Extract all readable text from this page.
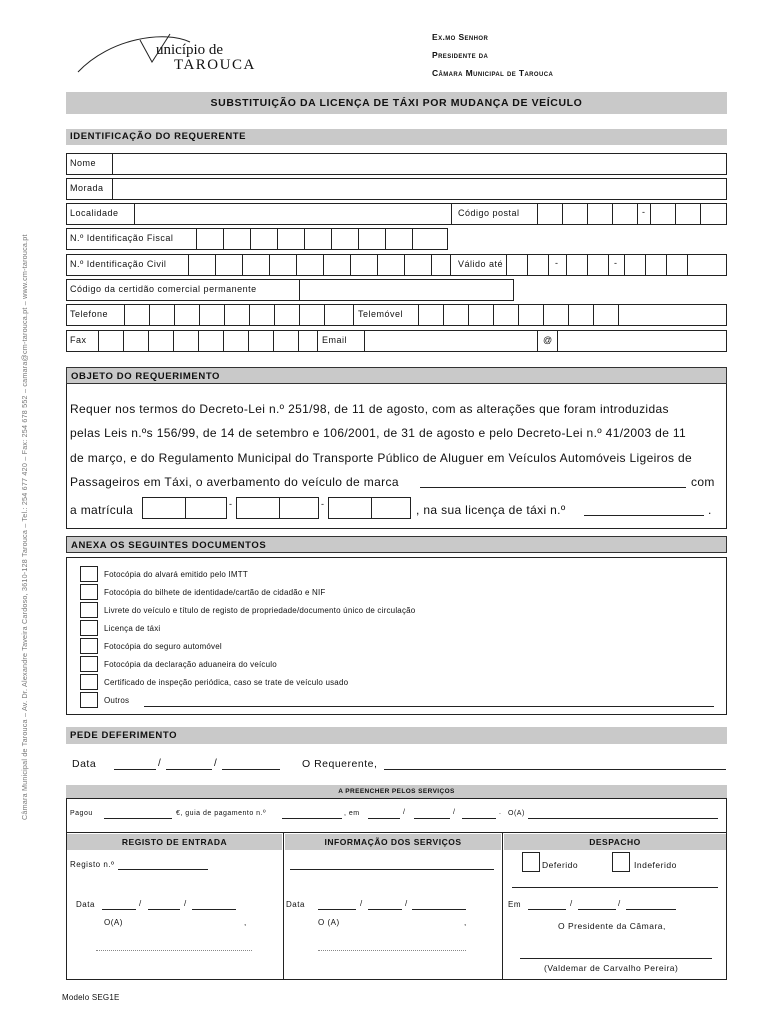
Câmara Municipal de Tarouca – Av. Dr. Alexandre Taveira Cardoso, 3610-128 Tarouca – Tel.: 254 677 420 – Fax: 254 678 552 – camara@cm-tarouca.pt – www.cm-tarouca.pt
unicípio de
TAROUCA
Ex.mo Senhor
Presidente da
Câmara Municipal de Tarouca
SUBSTITUIÇÃO DA LICENÇA DE TÁXI POR MUDANÇA DE VEÍCULO
IDENTIFICAÇÃO DO REQUERENTE
Nome
Morada
Localidade	Código postal	-
N.º Identificação Fiscal
N.º Identificação Civil	Válido até	-	-
Código da certidão comercial permanente
Telefone	Telemóvel
Fax	Email	@
OBJETO DO REQUERIMENTO
Requer nos termos do Decreto-Lei n.º 251/98, de 11 de agosto, com as alterações que foram introduzidas
pelas Leis n.ºs 156/99, de 14 de setembro e 106/2001, de 31 de agosto e pelo Decreto-Lei n.º 41/2003 de 11
de março, e do Regulamento Municipal do Transporte Público de Aluguer em Veículos Automóveis Ligeiros de
Passageiros em Táxi, o averbamento do veículo de marca	com
a matrícula	-	-	, na sua licença de táxi n.º	.
ANEXA OS SEGUINTES DOCUMENTOS
Fotocópia do alvará emitido pelo IMTT
Fotocópia do bilhete de identidade/cartão de cidadão e NIF
Livrete do veículo e título de registo de propriedade/documento único de circulação
Licença de táxi
Fotocópia do seguro automóvel
Fotocópia da declaração aduaneira do veículo
Certificado de inspeção periódica, caso se trate de veículo usado
Outros
PEDE DEFERIMENTO
Data	/	/	O Requerente,
A PREENCHER PELOS SERVIÇOS
Pagou	€, guia de pagamento n.º	, em	/	/	. O(A)
REGISTO DE ENTRADA	INFORMAÇÃO DOS SERVIÇOS	DESPACHO
Registo n.º
Data	/	/
O(A)	,
Data	/	/
O (A)	,
Deferido	Indeferido
Em	/	/
O Presidente da Câmara,
(Valdemar de Carvalho Pereira)
Modelo SEG1E
